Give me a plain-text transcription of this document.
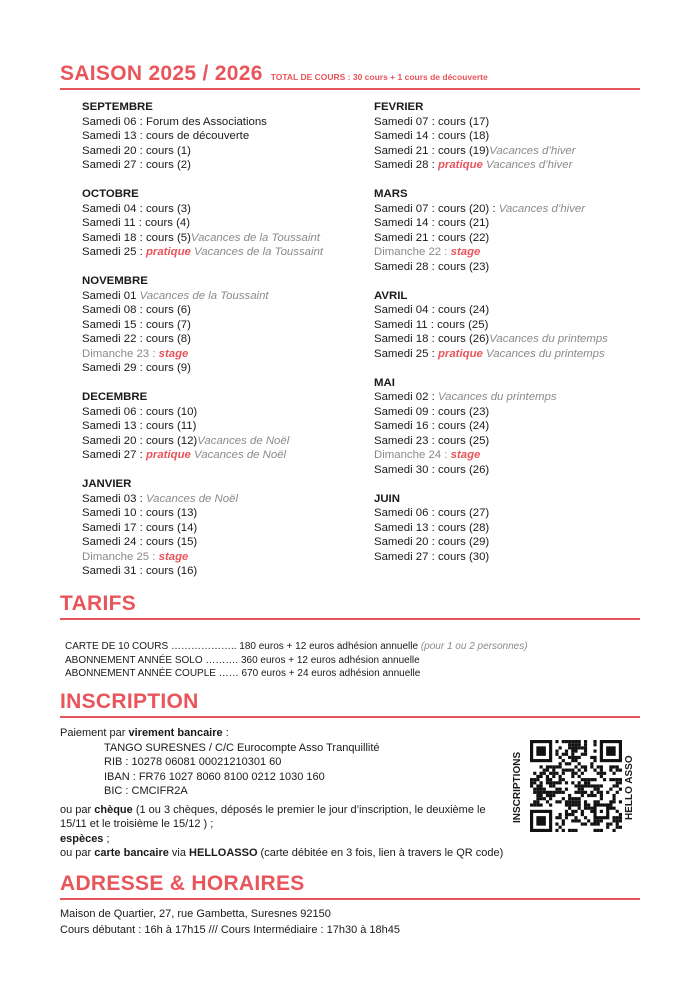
SAISON 2025 / 2026 TOTAL DE COURS : 30 cours + 1 cours de découverte
SEPTEMBRE
Samedi 06 : Forum des Associations
Samedi 13 : cours de découverte
Samedi 20 : cours (1)
Samedi 27 : cours (2)
OCTOBRE
Samedi 04 : cours (3)
Samedi 11 : cours (4)
Samedi 18 : cours (5)Vacances de la Toussaint
Samedi 25 : pratique Vacances de la Toussaint
NOVEMBRE
Samedi 01 Vacances de la Toussaint
Samedi 08 : cours (6)
Samedi 15 : cours (7)
Samedi 22 : cours (8)
Dimanche 23 : stage
Samedi 29 : cours (9)
DECEMBRE
Samedi 06 : cours (10)
Samedi 13 : cours (11)
Samedi 20 : cours (12)Vacances de Noël
Samedi 27 : pratique Vacances de Noël
JANVIER
Samedi 03 : Vacances de Noël
Samedi 10 : cours (13)
Samedi 17 : cours (14)
Samedi 24 : cours (15)
Dimanche 25 : stage
Samedi 31 : cours (16)
FEVRIER
Samedi 07 : cours (17)
Samedi 14 : cours (18)
Samedi 21 : cours (19)Vacances d’hiver
Samedi 28 : pratique Vacances d’hiver
MARS
Samedi 07 : cours (20) : Vacances d’hiver
Samedi 14 : cours (21)
Samedi 21 : cours (22)
Dimanche 22 : stage
Samedi 28 : cours (23)
AVRIL
Samedi 04 : cours (24)
Samedi 11 : cours (25)
Samedi 18 : cours (26)Vacances du printemps
Samedi 25 : pratique Vacances du printemps
MAI
Samedi 02 : Vacances du printemps
Samedi 09 : cours (23)
Samedi 16 : cours (24)
Samedi 23 : cours (25)
Dimanche 24 : stage
Samedi 30 : cours (26)
JUIN
Samedi 06 : cours (27)
Samedi 13 : cours (28)
Samedi 20 : cours (29)
Samedi 27 : cours (30)
TARIFS
CARTE DE 10 COURS ……………….. 180 euros + 12 euros adhésion annuelle (pour 1 ou 2 personnes)
ABONNEMENT ANNÉE SOLO ………. 360 euros + 12 euros adhésion annuelle
ABONNEMENT ANNÉE COUPLE …… 670 euros + 24 euros adhésion annuelle
INSCRIPTION
Paiement par virement bancaire :
TANGO SURESNES / C/C Eurocompte Asso Tranquillité
RIB : 10278 06081 00021210301 60
IBAN : FR76 1027 8060 8100 0212 1030 160
BIC : CMCIFR2A
ou par chèque (1 ou 3 chèques, déposés le premier le jour d’inscription, le deuxième le 15/11 et le troisième le 15/12 ) ;
espèces ;
ou par carte bancaire via HELLOASSO (carte débitée en 3 fois, lien à travers le QR code)
INSCRIPTIONS	HELLO ASSO
ADRESSE & HORAIRES
Maison de Quartier, 27, rue Gambetta, Suresnes 92150
Cours débutant : 16h à 17h15 /// Cours Intermédiaire : 17h30 à 18h45
